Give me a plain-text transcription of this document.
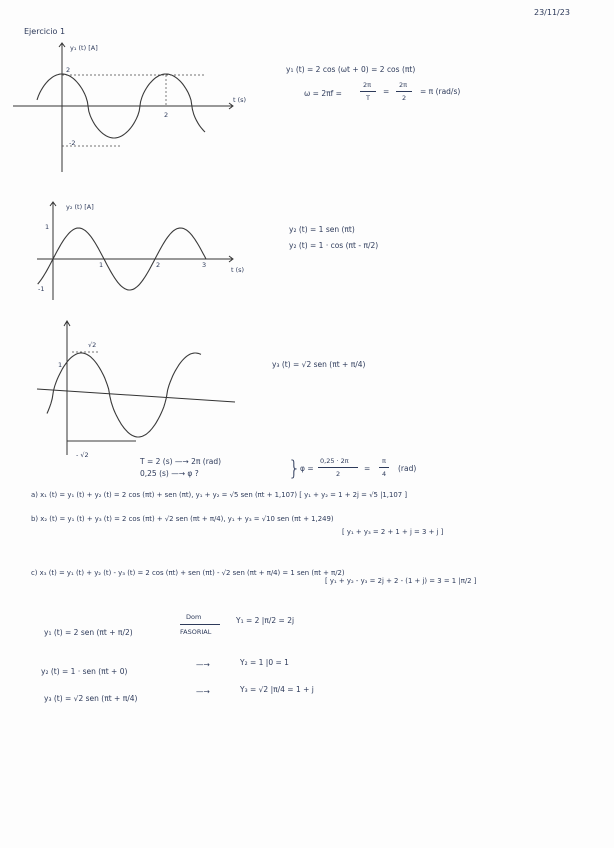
23/11/23
Ejercicio 1
y₁ (t) [A]
t (s)
2
-2
2
y₂ (t) [A]
t (s)
1
-1
1	2	3
√2
1
- √2
y₁ (t) = 2 cos (ωt + 0) = 2 cos (πt)
ω = 2πf =
2π
T
=
2π
2
= π (rad/s)
y₂ (t) = 1 sen (πt)
y₂ (t) = 1 · cos (πt - π/2)
y₃ (t) = √2 sen (πt + π/4)
T = 2 (s) —→ 2π (rad)
0,25 (s) —→ φ ?	} φ =
0,25 · 2π
2
=
π
4
(rad)
a) x₁ (t) = y₁ (t) + y₂ (t) = 2 cos (πt) + sen (πt), y₁ + y₂ = √5 sen (πt + 1,107) [ y₁ + y₂ = 1 + 2j = √5 |1,107 ]
b) x₂ (t) = y₁ (t) + y₃ (t) = 2 cos (πt) + √2 sen (πt + π/4), y₁ + y₃ = √10 sen (πt + 1,249)
[ y₁ + y₃ = 2 + 1 + j = 3 + j ]
c) x₃ (t) = y₁ (t) + y₂ (t) - y₃ (t) = 2 cos (πt) + sen (πt) - √2 sen (πt + π/4) = 1 sen (πt + π/2)
[ y₁ + y₂ - y₃ = 2j + 2 - (1 + j) = 3 = 1 |π/2 ]
y₁ (t) = 2 sen (πt + π/2)
Dom
FASORIAL
Y₁ = 2 |π/2 = 2j
y₂ (t) = 1 · sen (πt + 0)
—→	Y₂ = 1 |0 = 1
y₃ (t) = √2 sen (πt + π/4)
—→	Y₃ = √2 |π/4 = 1 + j
